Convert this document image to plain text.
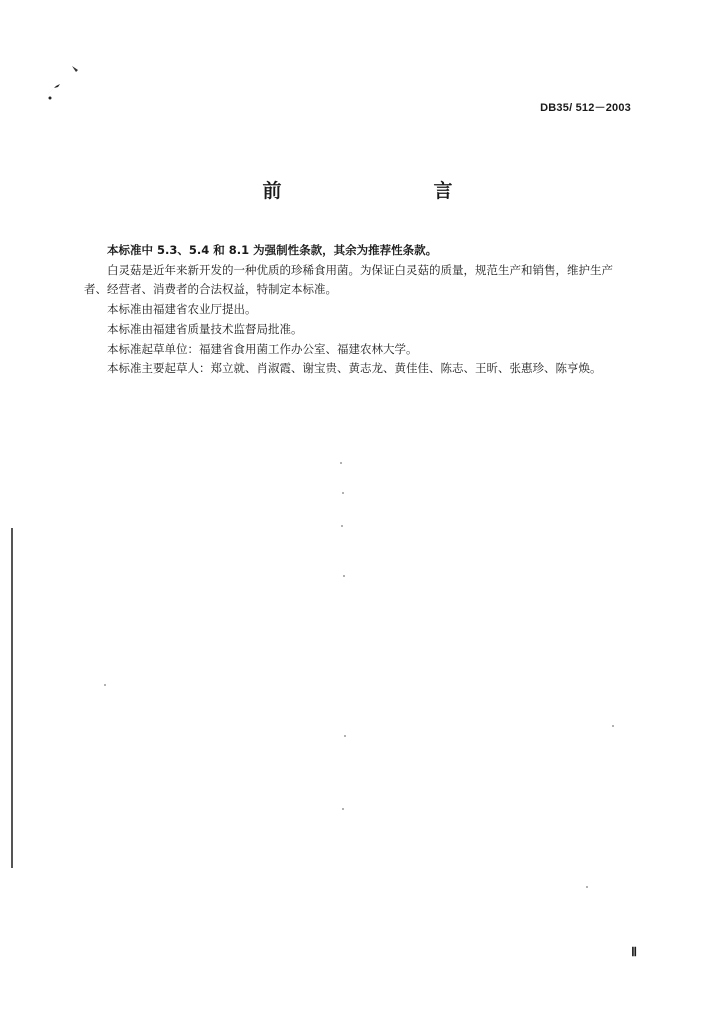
DB35/ 512－2003
前　　言

本标准中 5.3、5.4 和 8.1 为强制性条款，其余为推荐性条款。

白灵菇是近年来新开发的一种优质的珍稀食用菌。为保证白灵菇的质量，规范生产和销售，维护生产者、经营者、消费者的合法权益，特制定本标准。

本标准由福建省农业厅提出。

本标准由福建省质量技术监督局批准。

本标准起草单位：福建省食用菌工作办公室、福建农林大学。

本标准主要起草人：郑立就、肖淑霞、谢宝贵、黄志龙、黄佳佳、陈志、王昕、张惠珍、陈亨焕。

Ⅱ
